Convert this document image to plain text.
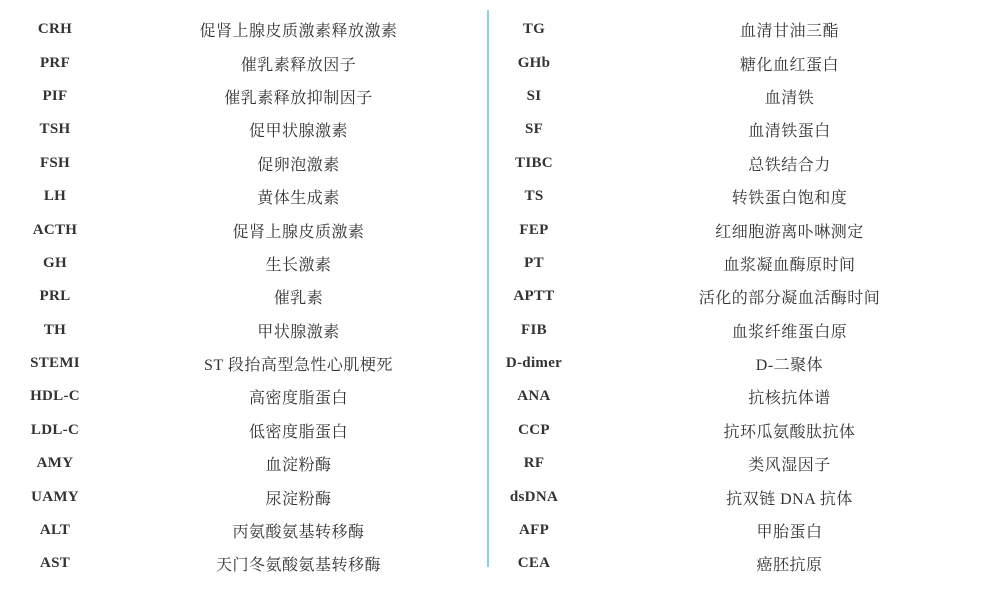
CRH	促肾上腺皮质激素释放激素
PRF	催乳素释放因子
PIF	催乳素释放抑制因子
TSH	促甲状腺激素
FSH	促卵泡激素
LH	黄体生成素
ACTH	促肾上腺皮质激素
GH	生长激素
PRL	催乳素
TH	甲状腺激素
STEMI	ST 段抬高型急性心肌梗死
HDL-C	高密度脂蛋白
LDL-C	低密度脂蛋白
AMY	血淀粉酶
UAMY	尿淀粉酶
ALT	丙氨酸氨基转移酶
AST	天门冬氨酸氨基转移酶
TG	血清甘油三酯
GHb	糖化血红蛋白
SI	血清铁
SF	血清铁蛋白
TIBC	总铁结合力
TS	转铁蛋白饱和度
FEP	红细胞游离卟啉测定
PT	血浆凝血酶原时间
APTT	活化的部分凝血活酶时间
FIB	血浆纤维蛋白原
D-dimer	D-二聚体
ANA	抗核抗体谱
CCP	抗环瓜氨酸肽抗体
RF	类风湿因子
dsDNA	抗双链 DNA 抗体
AFP	甲胎蛋白
CEA	癌胚抗原
